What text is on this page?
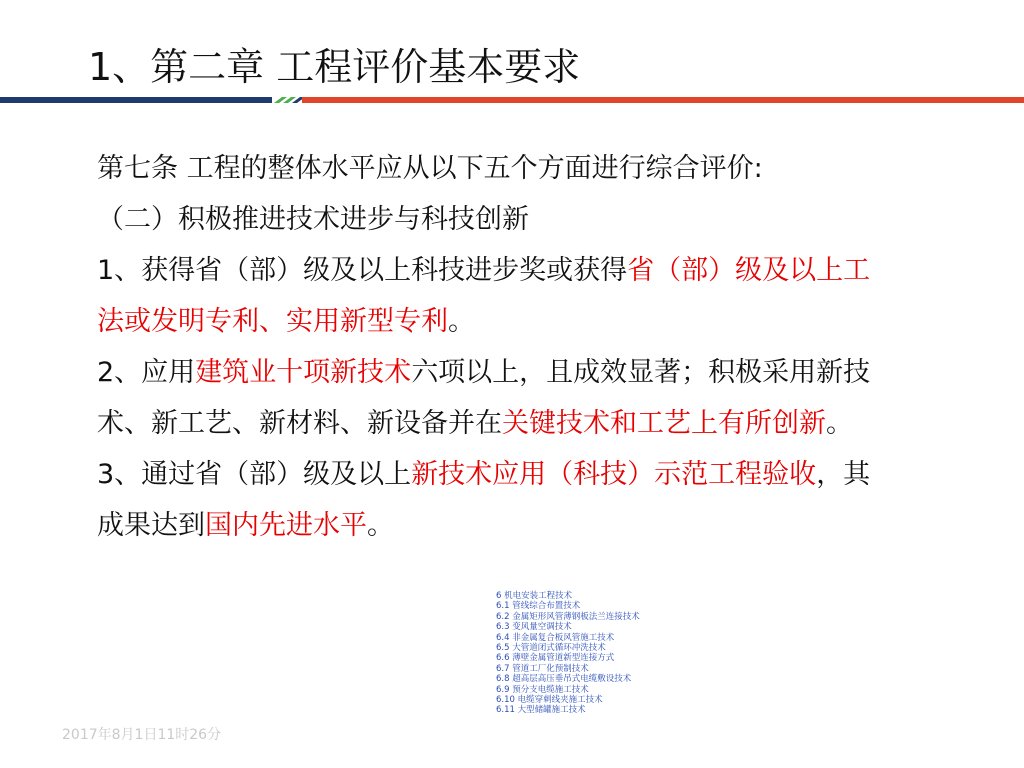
1、第二章 工程评价基本要求
第七条 工程的整体水平应从以下五个方面进行综合评价:
（二）积极推进技术进步与科技创新
1、获得省（部）级及以上科技进步奖或获得省（部）级及以上工
法或发明专利、实用新型专利。
2、应用建筑业十项新技术六项以上，且成效显著；积极采用新技
术、新工艺、新材料、新设备并在关键技术和工艺上有所创新。
3、通过省（部）级及以上新技术应用（科技）示范工程验收，其
成果达到国内先进水平。
6 机电安装工程技术
6.1 管线综合布置技术
6.2 金属矩形风管薄钢板法兰连接技术
6.3 变风量空调技术
6.4 非金属复合板风管施工技术
6.5 大管道闭式循环冲洗技术
6.6 薄壁金属管道新型连接方式
6.7 管道工厂化预制技术
6.8 超高层高压垂吊式电缆敷设技术
6.9 预分支电缆施工技术
6.10 电缆穿刺线夹施工技术
6.11 大型储罐施工技术
2017年8月1日11时26分
